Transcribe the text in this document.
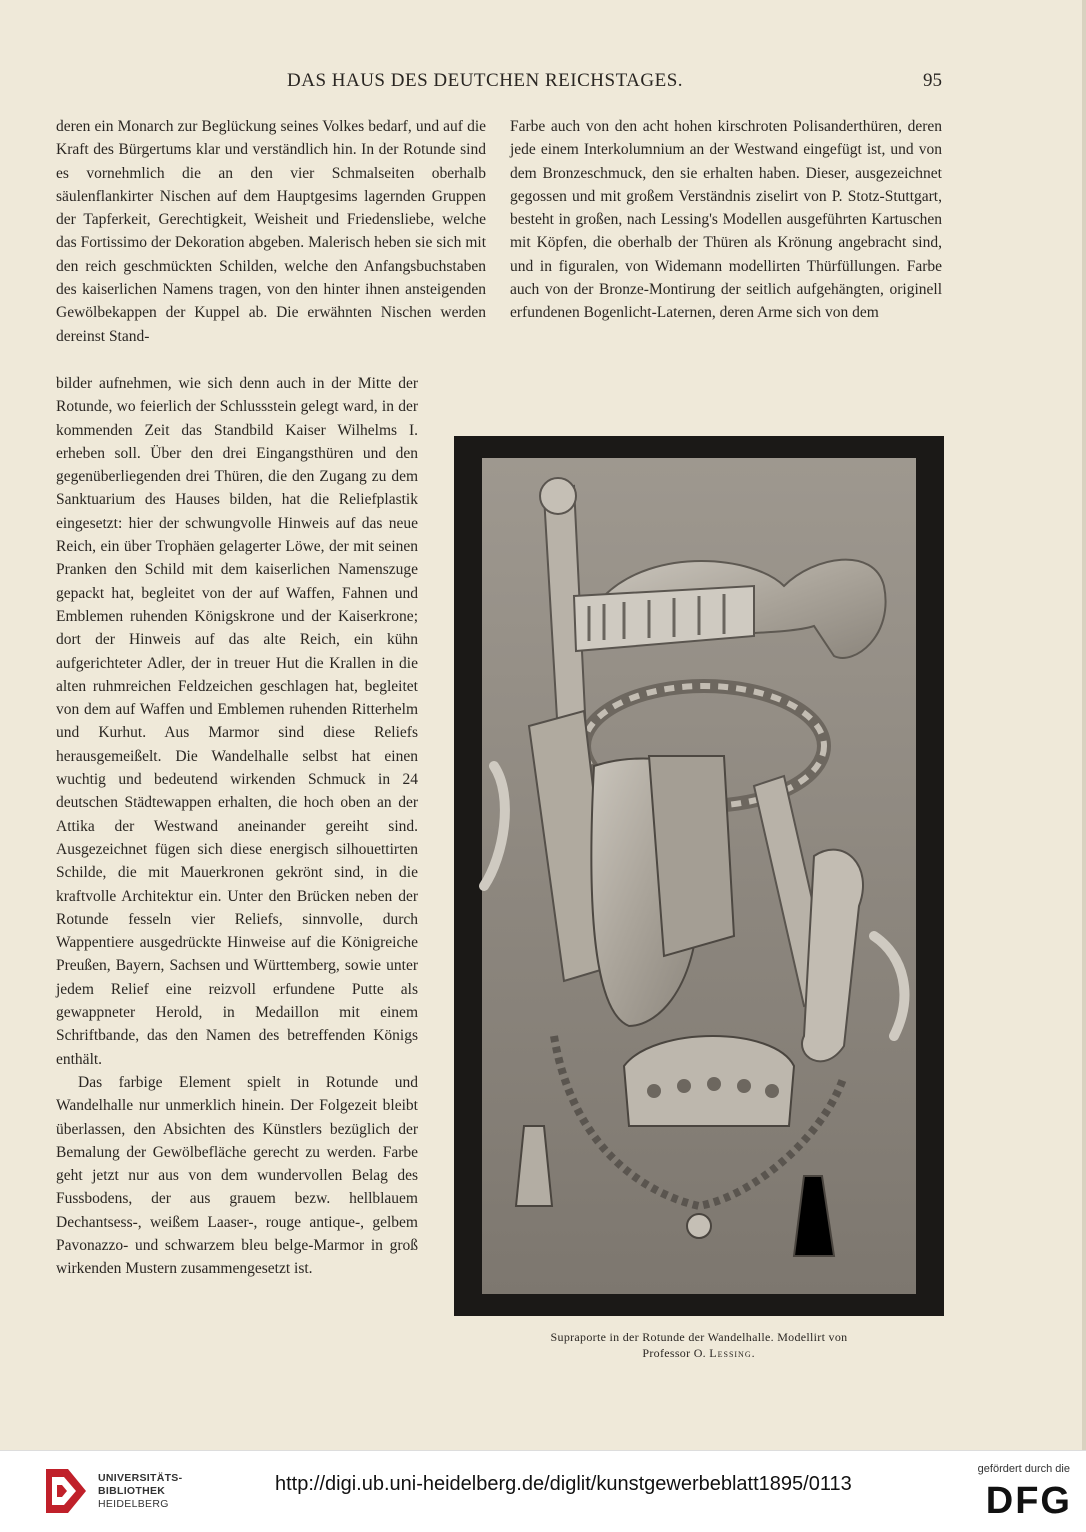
DAS HAUS DES DEUTCHEN REICHSTAGES.	95

deren ein Monarch zur Beglückung seines Volkes bedarf, und auf die Kraft des Bürgertums klar und verständlich hin. In der Rotunde sind es vornehmlich die an den vier Schmalseiten oberhalb säulenflankirter Nischen auf dem Hauptgesims lagernden Gruppen der Tapferkeit, Gerechtigkeit, Weisheit und Friedensliebe, welche das Fortissimo der Dekoration abgeben. Malerisch heben sie sich mit den reich geschmückten Schilden, welche den Anfangsbuchstaben des kaiserlichen Namens tragen, von den hinter ihnen ansteigenden Gewölbekappen der Kuppel ab. Die erwähnten Nischen werden dereinst Stand-

bilder aufnehmen, wie sich denn auch in der Mitte der Rotunde, wo feierlich der Schlussstein gelegt ward, in der kommenden Zeit das Standbild Kaiser Wilhelms I. erheben soll. Über den drei Eingangsthüren und den gegenüberliegenden drei Thüren, die den Zugang zu dem Sanktuarium des Hauses bilden, hat die Reliefplastik eingesetzt: hier der schwungvolle Hinweis auf das neue Reich, ein über Trophäen gelagerter Löwe, der mit seinen Pranken den Schild mit dem kaiserlichen Namenszuge gepackt hat, begleitet von der auf Waffen, Fahnen und Emblemen ruhenden Königskrone und der Kaiserkrone; dort der Hinweis auf das alte Reich, ein kühn aufgerichteter Adler, der in treuer Hut die Krallen in die alten ruhmreichen Feldzeichen geschlagen hat, begleitet von dem auf Waffen und Emblemen ruhenden Ritterhelm und Kurhut. Aus Marmor sind diese Reliefs herausgemeißelt. Die Wandelhalle selbst hat einen wuchtig und bedeutend wirkenden Schmuck in 24 deutschen Städtewappen erhalten, die hoch oben an der Attika der Westwand aneinander gereiht sind. Ausgezeichnet fügen sich diese energisch silhouettirten Schilde, die mit Mauerkronen gekrönt sind, in die kraftvolle Architektur ein. Unter den Brücken neben der Rotunde fesseln vier Reliefs, sinnvolle, durch Wappentiere ausgedrückte Hinweise auf die Königreiche Preußen, Bayern, Sachsen und Württemberg, sowie unter jedem Relief eine reizvoll erfundene Putte als gewappneter Herold, in Medaillon mit einem Schriftbande, das den Namen des betreffenden Königs enthält.

Das farbige Element spielt in Rotunde und Wandelhalle nur unmerklich hinein. Der Folgezeit bleibt überlassen, den Absichten des Künstlers bezüglich der Bemalung der Gewölbefläche gerecht zu werden. Farbe geht jetzt nur aus von dem wundervollen Belag des Fussbodens, der aus grauem bezw. hellblauem Dechantsess-, weißem Laaser-, rouge antique-, gelbem Pavonazzo- und schwarzem bleu belge-Marmor in groß wirkenden Mustern zusammengesetzt ist.

Farbe auch von den acht hohen kirschroten Polisanderthüren, deren jede einem Interkolumnium an der Westwand eingefügt ist, und von dem Bronzeschmuck, den sie erhalten haben. Dieser, ausgezeichnet gegossen und mit großem Verständnis ziselirt von P. Stotz-Stuttgart, besteht in großen, nach Lessing's Modellen ausgeführten Kartuschen mit Köpfen, die oberhalb der Thüren als Krönung angebracht sind, und in figuralen, von Widemann modellirten Thürfüllungen. Farbe auch von der Bronze-Montirung der seitlich aufgehängten, originell erfundenen Bogenlicht-Laternen, deren Arme sich von dem

Supraporte in der Rotunde der Wandelhalle. Modellirt von
Professor O. Lessing.
UNIVERSITÄTS-
BIBLIOTHEK
HEIDELBERG
http://digi.ub.uni-heidelberg.de/diglit/kunstgewerbeblatt1895/0113
gefördert durch die
DFG
